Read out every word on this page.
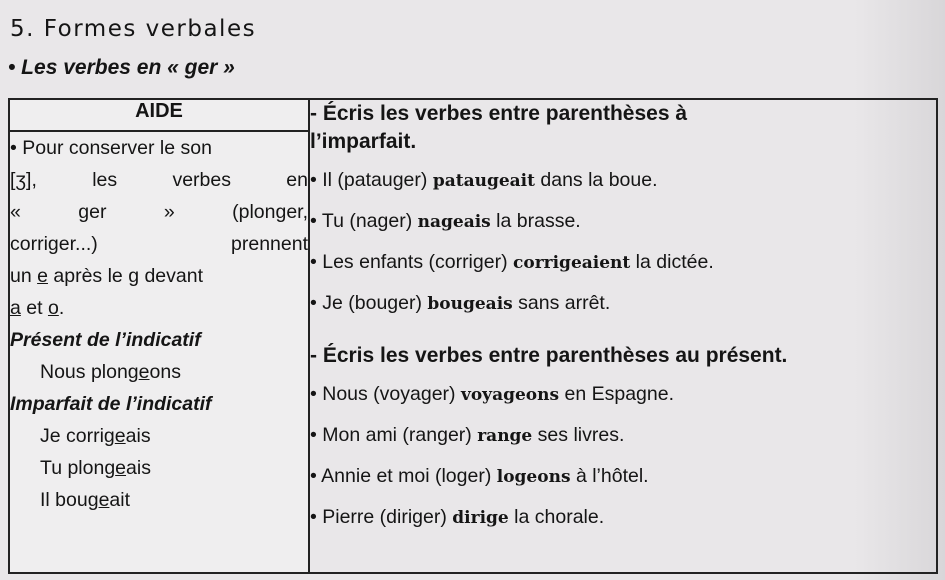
5. Formes verbales
• Les verbes en « ger »
AIDE	- Écris les verbes entre parenthèses à

l’imparfait.

• Il (patauger) pataugeait dans la boue.

• Tu (nager) nageais la brasse.

• Les enfants (corriger) corrigeaient la dictée.

• Je (bouger) bougeais sans arrêt.

- Écris les verbes entre parenthèses au présent.

• Nous (voyager) voyageons en Espagne.

• Mon ami (ranger) range ses livres.

• Annie et moi (loger) logeons à l’hôtel.

• Pierre (diriger) dirige la chorale.

• Pour conserver le son

[ʒ], les verbes en

« ger » (plonger,

corriger...) prennent

un e après le g devant

a et o.

Présent de l’indicatif

Nous plongeons

Imparfait de l’indicatif

Je corrigeais

Tu plongeais

Il bougeait
